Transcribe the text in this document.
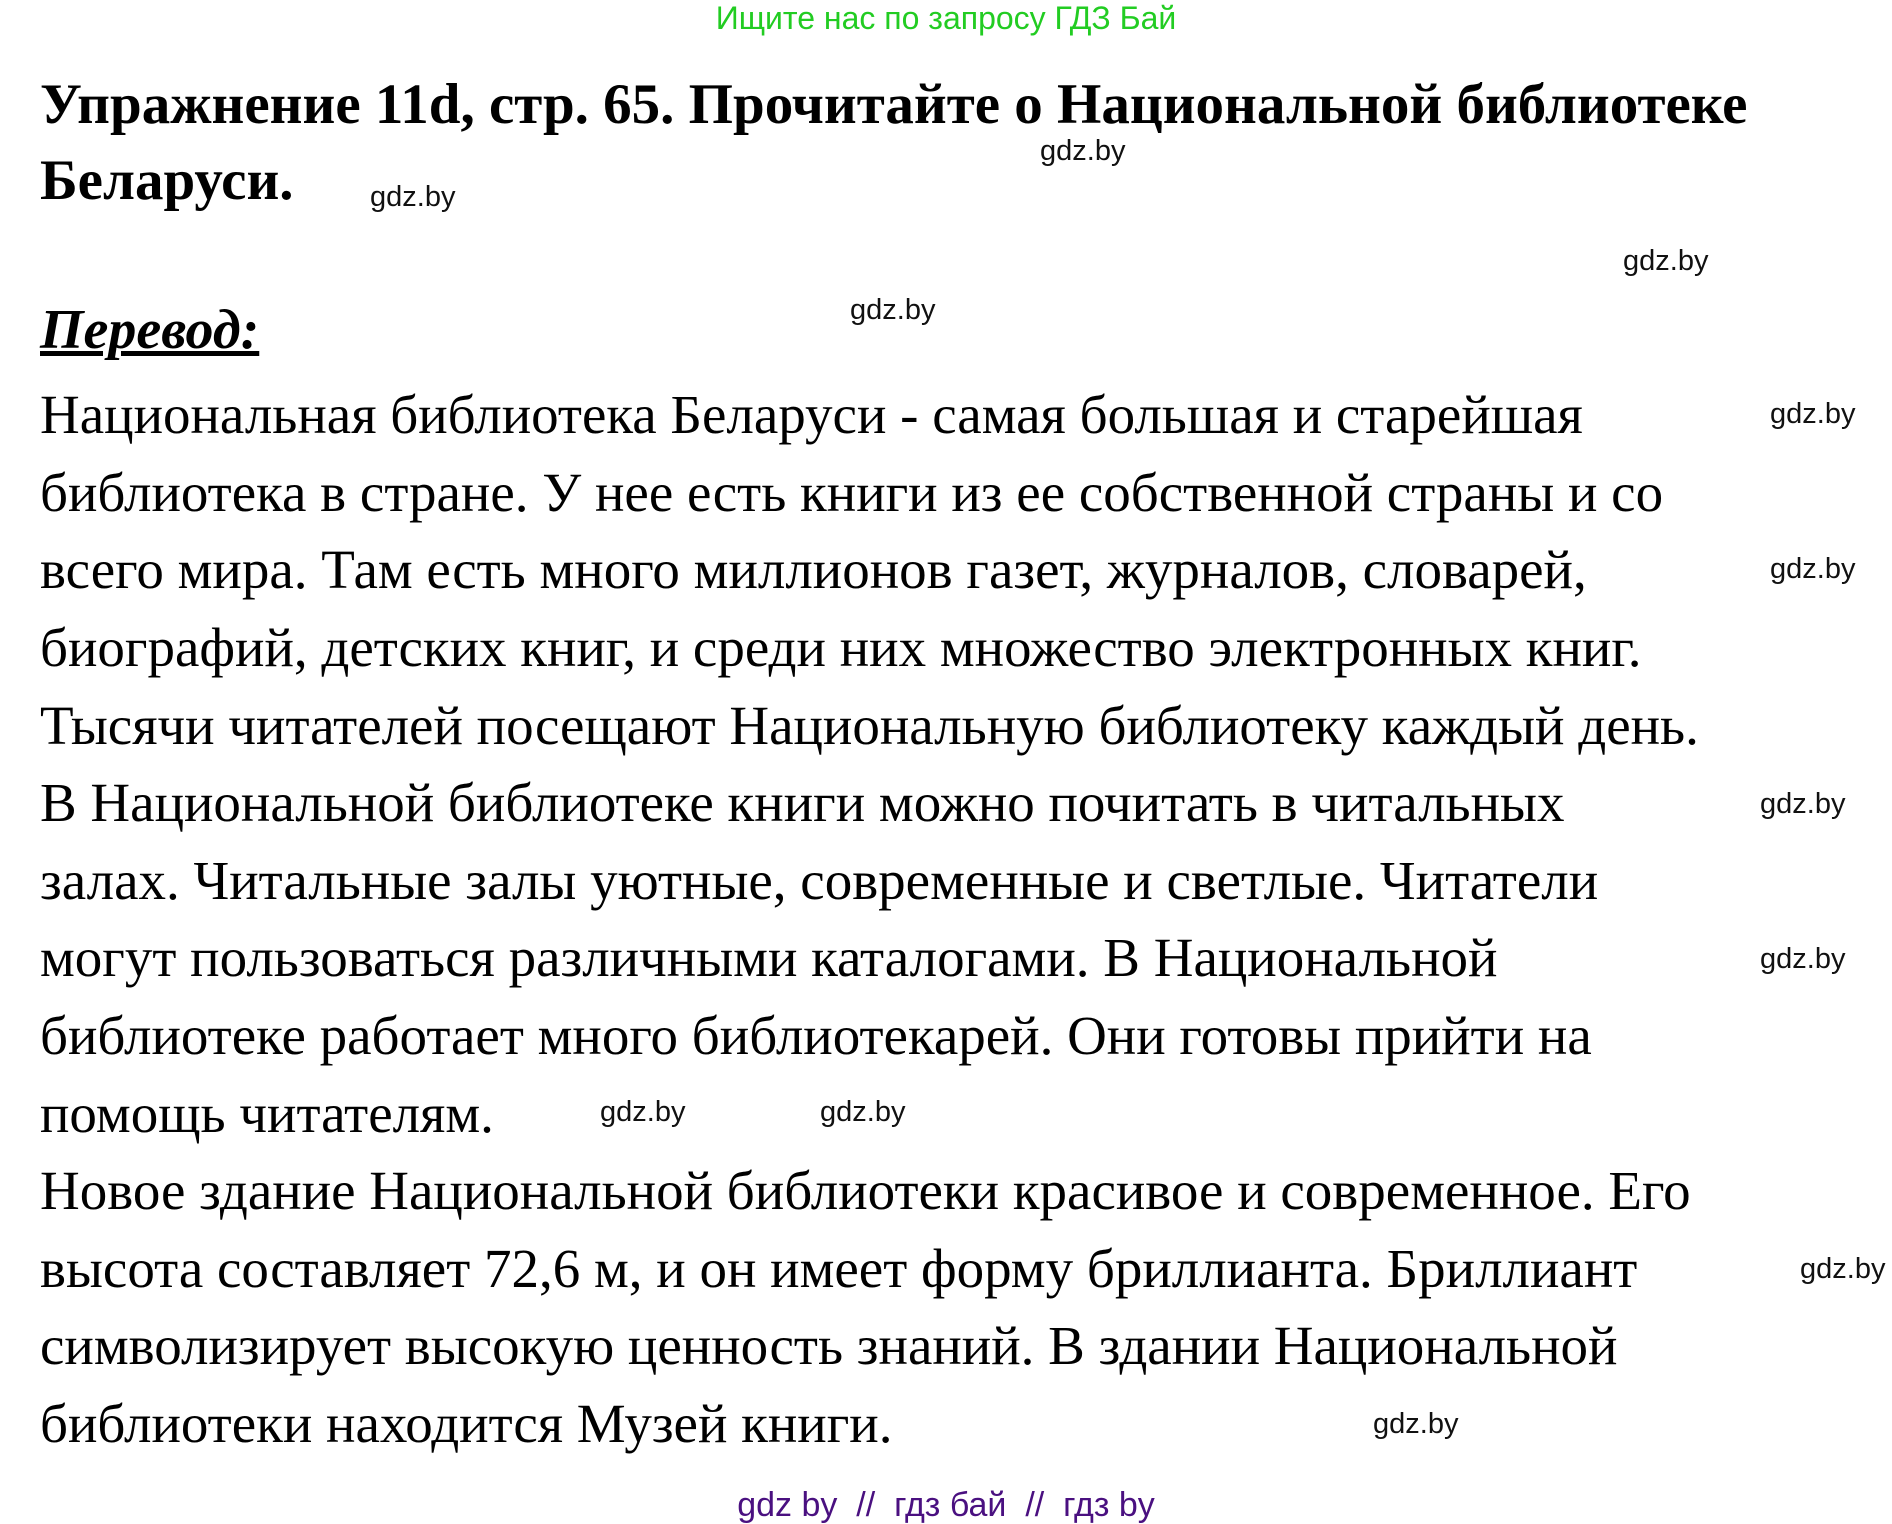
Ищите нас по запросу ГДЗ Бай
Упражнение 11d, стр. 65. Прочитайте о Национальной библиотеке
Беларуси.
Перевод:
Национальная библиотека Беларуси - самая большая и старейшая
библиотека в стране. У нее есть книги из ее собственной страны и со
всего мира. Там есть много миллионов газет, журналов, словарей,
биографий, детских книг, и среди них множество электронных книг.
Тысячи читателей посещают Национальную библиотеку каждый день.
В Национальной библиотеке книги можно почитать в читальных
залах. Читальные залы уютные, современные и светлые. Читатели
могут пользоваться различными каталогами. В Национальной
библиотеке работает много библиотекарей. Они готовы прийти на
помощь читателям.
Новое здание Национальной библиотеки красивое и современное. Его
высота составляет 72,6 м, и он имеет форму бриллианта. Бриллиант
символизирует высокую ценность знаний. В здании Национальной
библиотеки находится Музей книги.
gdz.by
gdz.by
gdz.by
gdz.by
gdz.by
gdz.by
gdz.by
gdz.by
gdz.by
gdz.by
gdz.by
gdz.by
gdz by  //  гдз бай  //  гдз by
